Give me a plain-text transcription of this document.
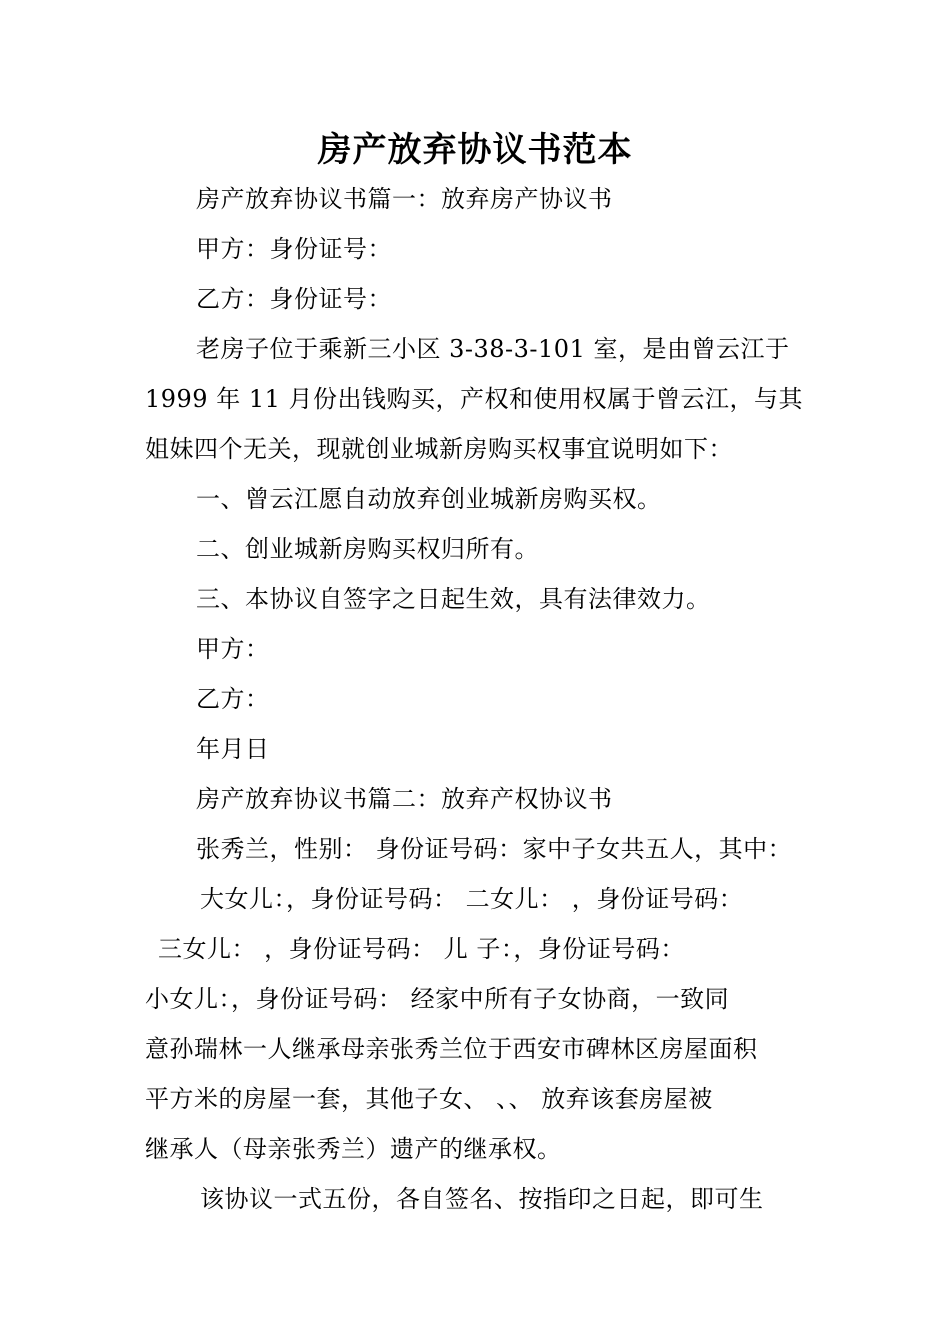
房产放弃协议书范本
房产放弃协议书篇一：放弃房产协议书
甲方：身份证号：
乙方：身份证号：
老房子位于乘新三小区 3-38-3-101 室，是由曾云江于
1999 年 11 月份出钱购买，产权和使用权属于曾云江，与其
姐妹四个无关，现就创业城新房购买权事宜说明如下：
一、曾云江愿自动放弃创业城新房购买权。
二、创业城新房购买权归所有。
三、本协议自签字之日起生效，具有法律效力。
甲方：
乙方：
年月日
房产放弃协议书篇二：放弃产权协议书
张秀兰，性别： 身份证号码：家中子女共五人，其中：
大女儿：，身份证号码： 二女儿： ，身份证号码：
三女儿： ，身份证号码： 儿 子：，身份证号码：
小女儿：，身份证号码： 经家中所有子女协商，一致同
意孙瑞林一人继承母亲张秀兰位于西安市碑林区房屋面积
平方米的房屋一套，其他子女、 、、 放弃该套房屋被
继承人（母亲张秀兰）遗产的继承权。
该协议一式五份，各自签名、按指印之日起，即可生
